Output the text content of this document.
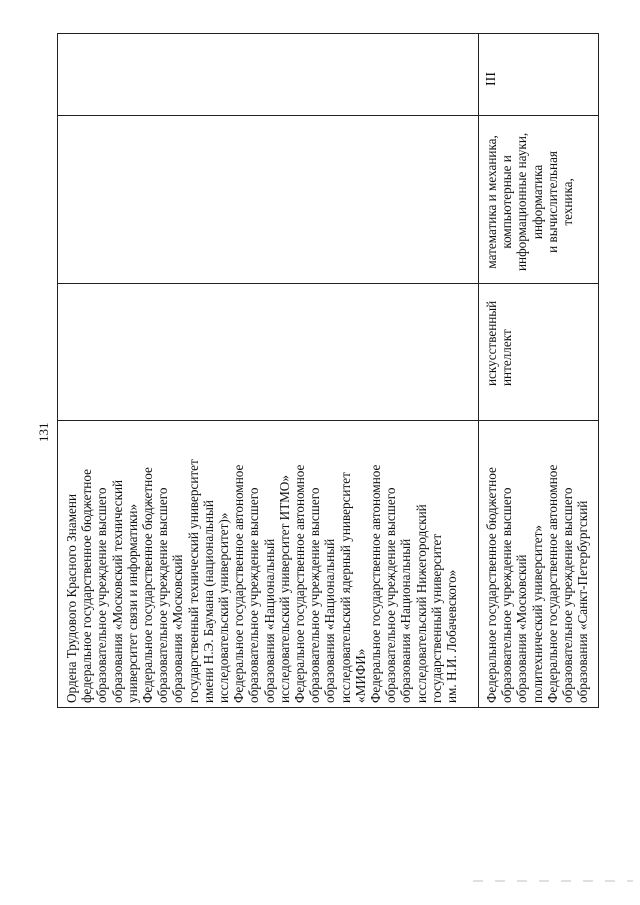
131
Ордена Трудового Красного Знамени федеральное государственное бюджетное образовательное учреждение высшего образования «Московский технический университет связи и информатики» Федеральное государственное бюджетное образовательное учреждение высшего образования «Московский государственный технический университет имени Н.Э. Баумана (национальный исследовательский университет)» Федеральное государственное автономное образовательное учреждение высшего образования «Национальный исследовательский университет ИТМО» Федеральное государственное автономное образовательное учреждение высшего образования «Национальный исследовательский ядерный университет «МИФИ» Федеральное государственное автономное образовательное учреждение высшего образования «Национальный исследовательский Нижегородский государственный университет им. Н.И. Лобачевского» Федеральное государственное бюджетное образовательное учреждение высшего образования «Московский политехнический университет» Федеральное государственное автономное образовательное учреждение высшего образования «Санкт-Петербургский
искусственный интеллект
математика и механика, компьютерные и информационные науки, информатика и вычислительная техника,
III
